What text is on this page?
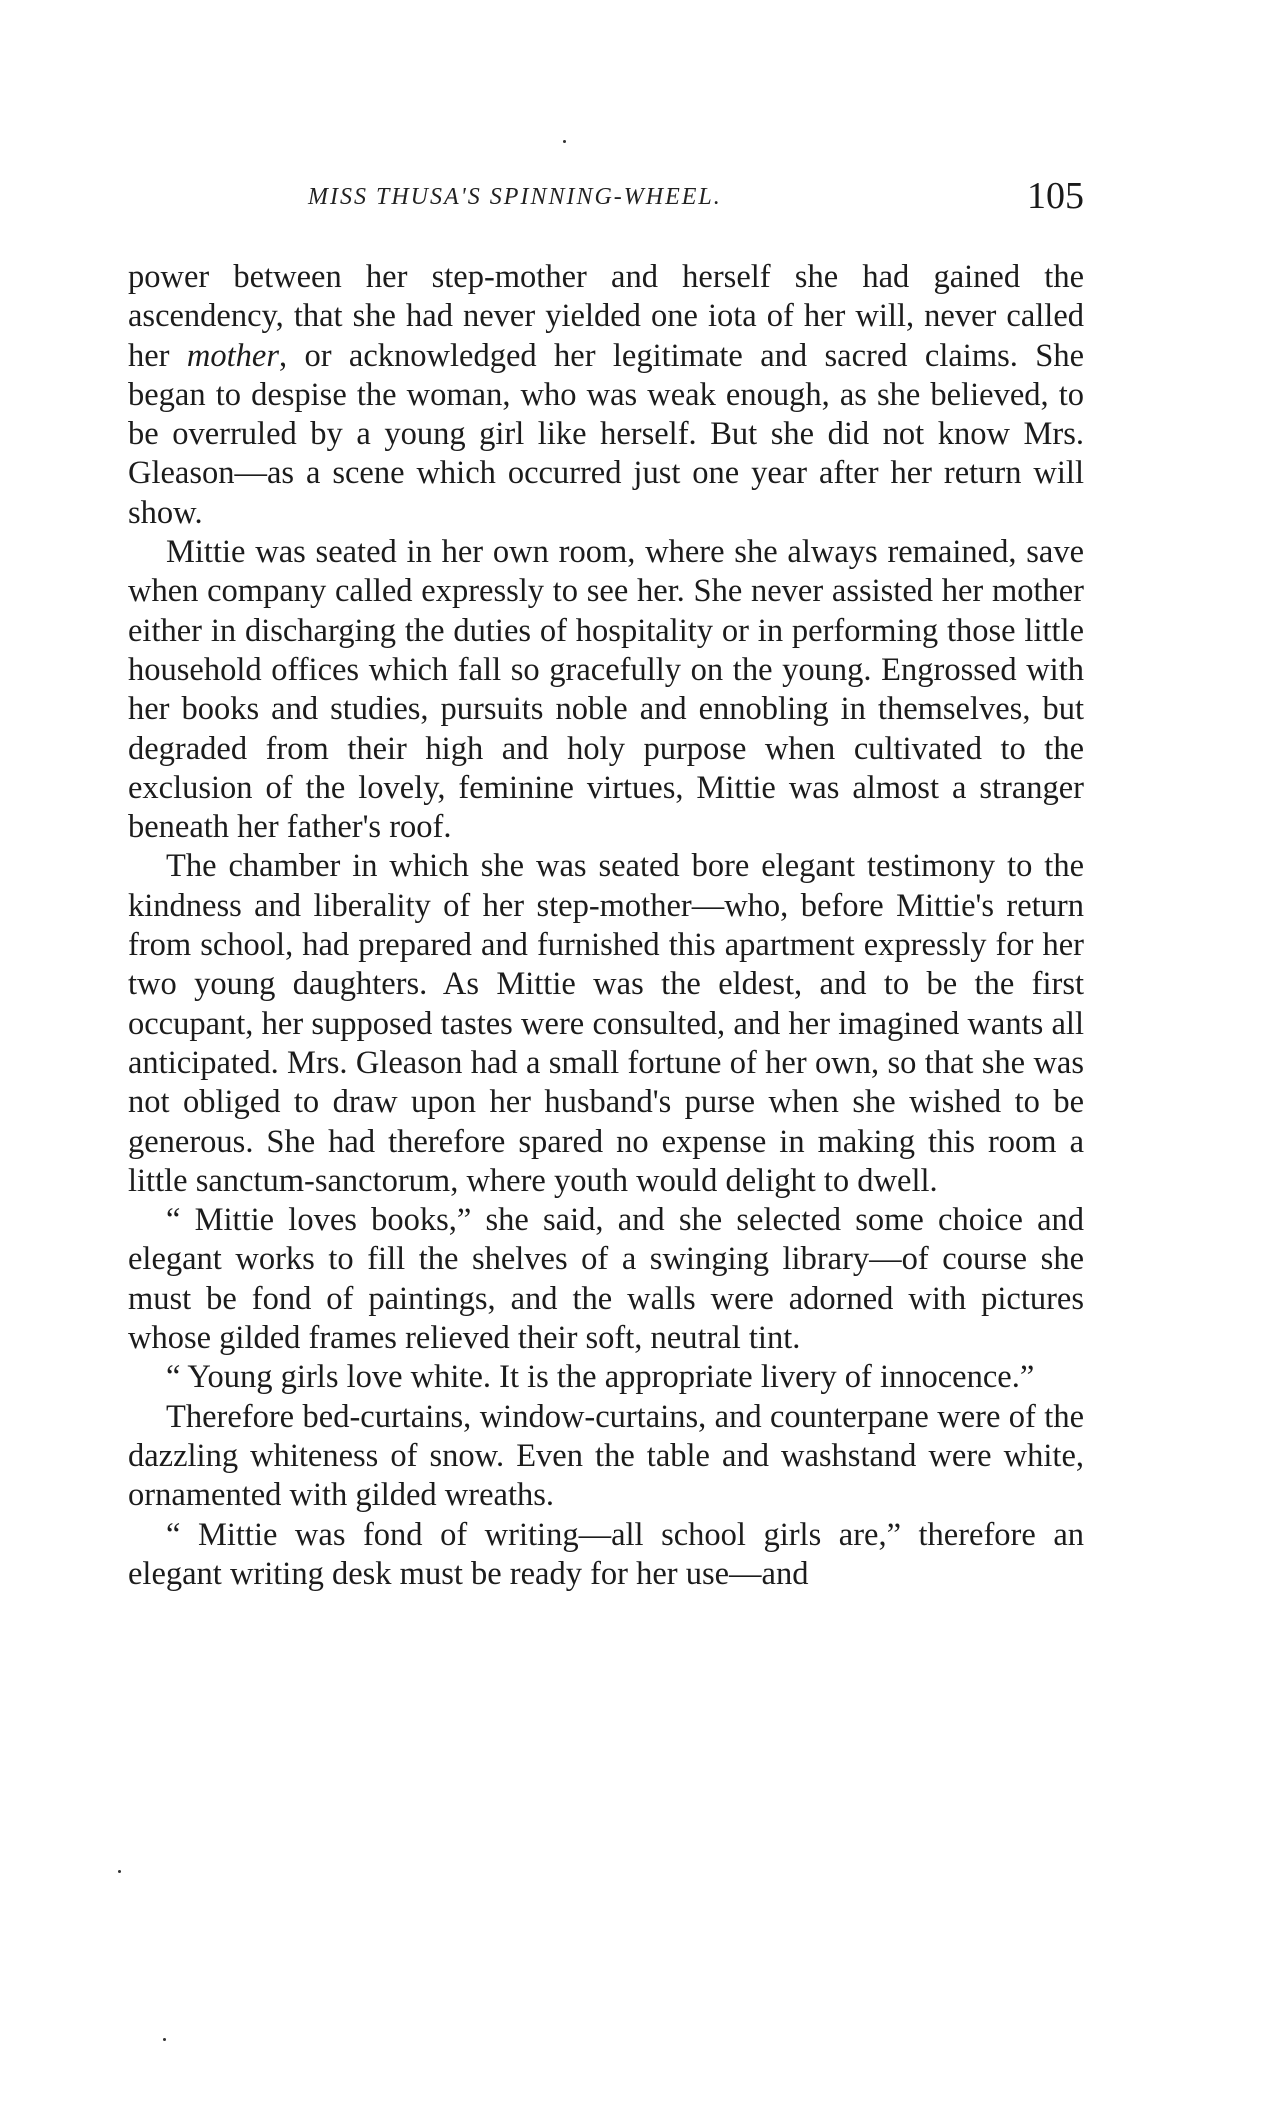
MISS THUSA'S SPINNING-WHEEL.	105

power between her step-mother and herself she had gained the ascendency, that she had never yielded one iota of her will, never called her mother, or acknowledged her legitimate and sacred claims. She began to despise the woman, who was weak enough, as she believed, to be overruled by a young girl like herself. But she did not know Mrs. Gleason—as a scene which occurred just one year after her return will show.

Mittie was seated in her own room, where she always remained, save when company called expressly to see her. She never assisted her mother either in discharging the duties of hospitality or in performing those little household offices which fall so gracefully on the young. Engrossed with her books and studies, pursuits noble and ennobling in themselves, but degraded from their high and holy purpose when cultivated to the exclusion of the lovely, feminine virtues, Mittie was almost a stranger beneath her father's roof.

The chamber in which she was seated bore elegant testimony to the kindness and liberality of her step-mother—who, before Mittie's return from school, had prepared and furnished this apartment expressly for her two young daughters. As Mittie was the eldest, and to be the first occupant, her supposed tastes were consulted, and her imagined wants all anticipated. Mrs. Gleason had a small fortune of her own, so that she was not obliged to draw upon her husband's purse when she wished to be generous. She had therefore spared no expense in making this room a little sanctum-sanctorum, where youth would delight to dwell.

“ Mittie loves books,” she said, and she selected some choice and elegant works to fill the shelves of a swinging library—of course she must be fond of paintings, and the walls were adorned with pictures whose gilded frames relieved their soft, neutral tint.

“ Young girls love white. It is the appropriate livery of innocence.”

Therefore bed-curtains, window-curtains, and counterpane were of the dazzling whiteness of snow. Even the table and washstand were white, ornamented with gilded wreaths.

“ Mittie was fond of writing—all school girls are,” therefore an elegant writing desk must be ready for her use—and
